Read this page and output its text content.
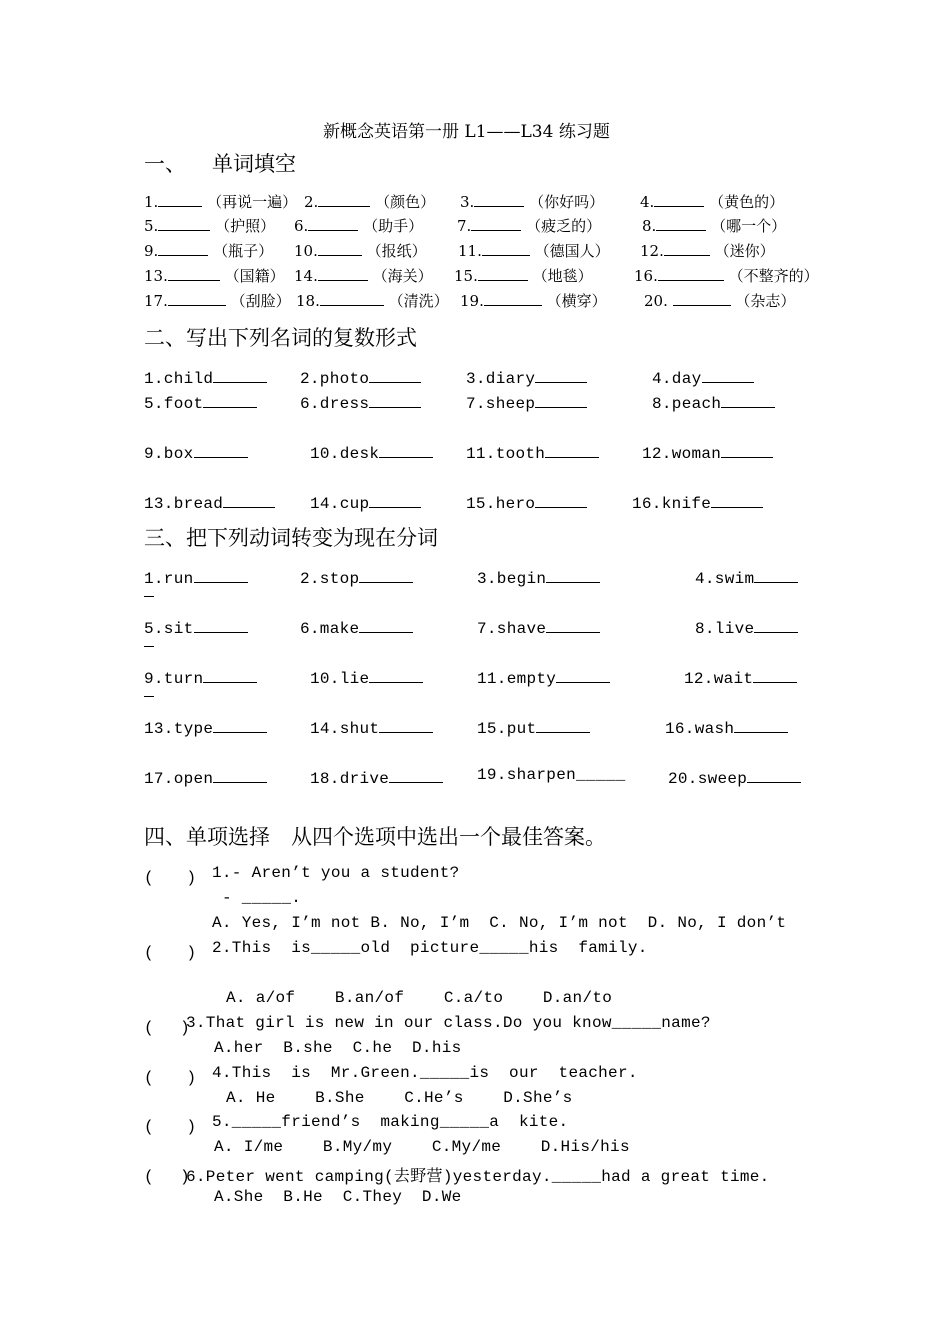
新概念英语第一册 L1——L34 练习题
一、 单词填空
1.	（再说一遍） 2.	（颜色） 3.	（你好吗） 4.	（黄色的）
5.	（护照） 6.	（助手） 7.	（疲乏的）	8.	（哪一个）
9.	（瓶子） 10.	（报纸） 11.	（德国人） 12.	（迷你）
13.	（国籍） 14.	（海关） 15.	（地毯）	16.	（不整齐的）
17.	（刮脸） 18.	（清洗） 19.	（横穿） 20.	（杂志）
二、写出下列名词的复数形式
1.child	2.photo	3.diary	4.day
5.foot	6.dress	7.sheep	8.peach
9.box	10.desk	11.tooth	12.woman
13.bread	14.cup	15.hero	16.knife
三、把下列动词转变为现在分词
1.run	2.stop	3.begin	4.swim
5.sit	6.make	7.shave	8.live
9.turn	10.lie	11.empty	12.wait
13.type	14.shut	15.put	16.wash
17.open	18.drive	19.sharpen_____	20.sweep
四、单项选择　从四个选项中选出一个最佳答案。
(　　) 1.- Aren’t you a student?
- _____.
A. Yes, I’m not B. No, I’m  C. No, I’m not  D. No, I don’t
(　　) 2.This  is_____old  picture_____his  family.
A. a/of    B.an/of    C.a/to    D.an/to
(　 )
3.That girl is new in our class.Do you know_____name?
A.her  B.she  C.he  D.his
(　　) 4.This  is  Mr.Green._____is  our  teacher.
A. He    B.She    C.He’s    D.She’s
(　　) 5._____friend’s  making_____a  kite.
A. I/me    B.My/my    C.My/me    D.His/his
(　 )
6.Peter went camping(去野营)yesterday._____had a great time.
A.She  B.He  C.They  D.We
